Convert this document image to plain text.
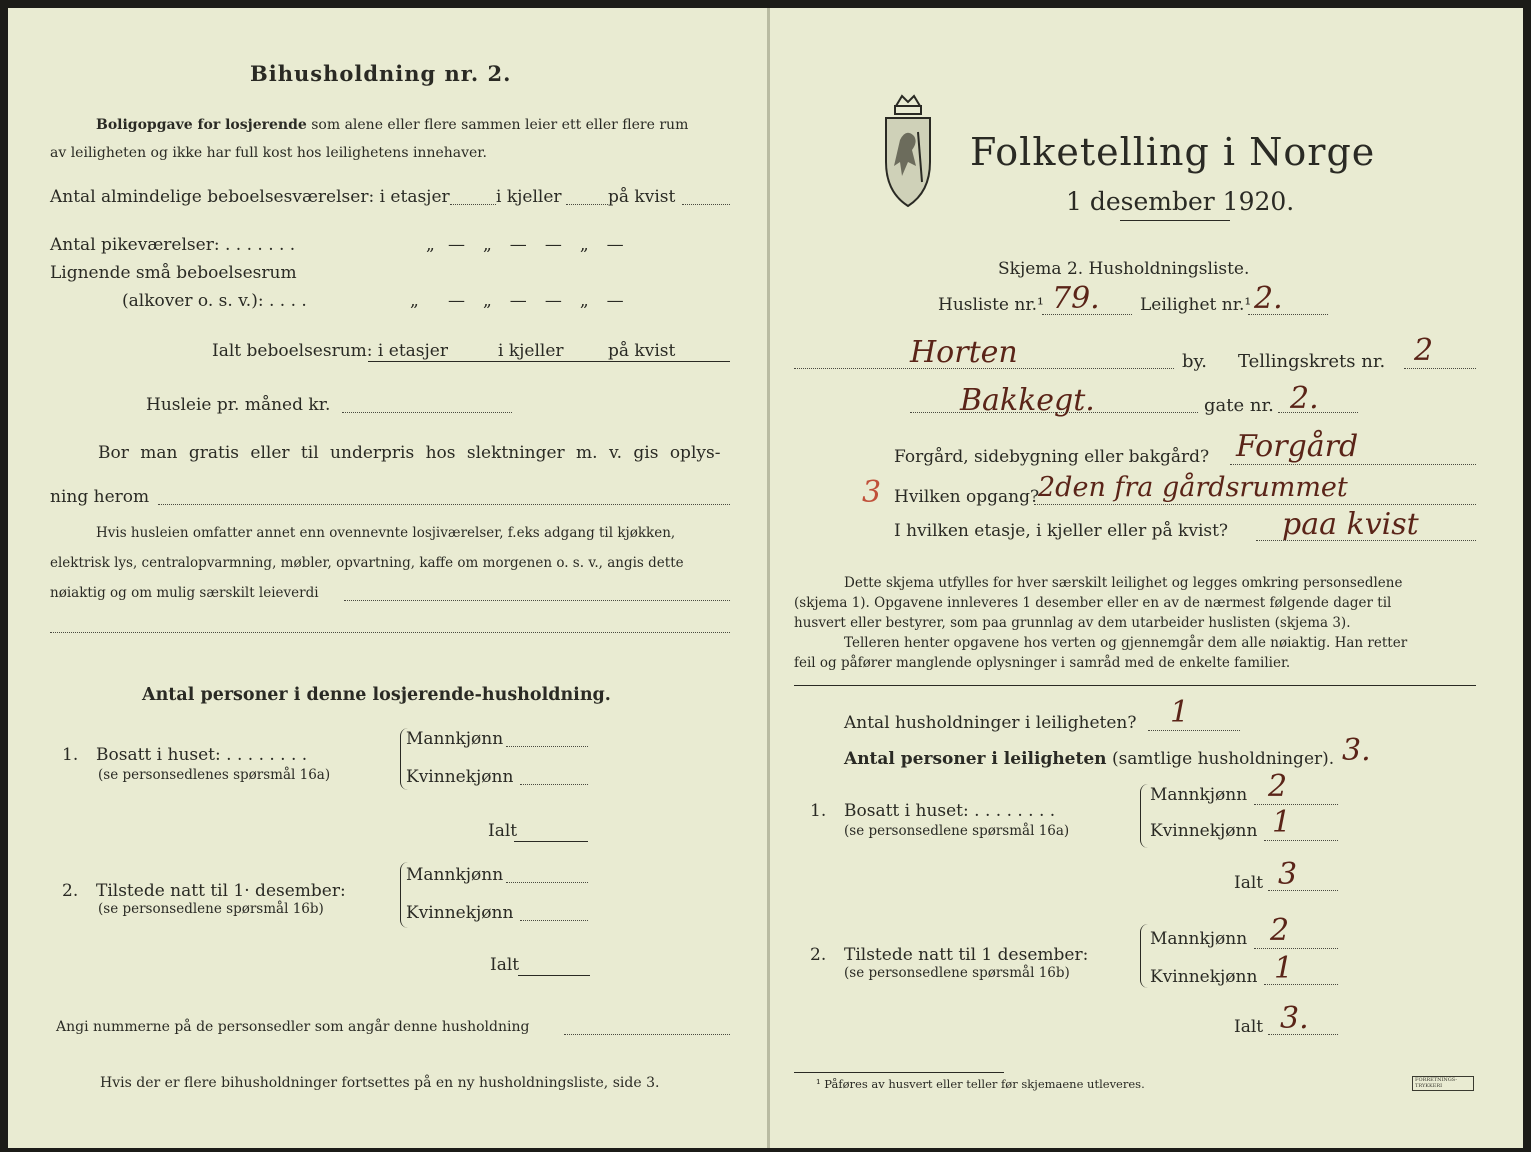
Bihusholdning nr. 2.
Boligopgave for losjerende som alene eller flere sammen leier ett eller flere rum
av leiligheten og ikke har full kost hos leilighetens innehaver.
Antal almindelige beboelsesværelser: i etasjer	i kjeller	på kvist
Antal pikeværelser: . . . . . . .	„ —„——„—
Lignende små beboelsesrum
(alkover o. s. v.): . . . .	„ —„——„—
Ialt beboelsesrum: i etasjer	i kjeller	på kvist
Husleie pr. måned kr.
Bor man gratis eller til underpris hos slektninger m. v. gis oplys-
ning herom
Hvis husleien omfatter annet enn ovennevnte losjiværelser, f.eks adgang til kjøkken,
elektrisk lys, centralopvarmning, møbler, opvartning, kaffe om morgenen o. s. v., angis dette
nøiaktig og om mulig særskilt leieverdi
Antal personer i denne losjerende-husholdning.
1. Bosatt i huset: . . . . . . . .
(se personsedlenes spørsmål 16a)
Mannkjønn
Kvinnekjønn
Ialt
2. Tilstede natt til 1· desember:
(se personsedlene spørsmål 16b)
Mannkjønn
Kvinnekjønn
Ialt
Angi nummerne på de personsedler som angår denne husholdning
Hvis der er flere bihusholdninger fortsettes på en ny husholdningsliste, side 3.
Folketelling i Norge
1 desember 1920.
Skjema 2. Husholdningsliste.
Husliste nr.¹ 79. Leilighet nr.¹ 2.
Horten	by. Tellingskrets nr. 2
Bakkegt.	gate nr. 2.
Forgård, sidebygning eller bakgård? Forgård
3 Hvilken opgang?
2den fra gårdsrummet
I hvilken etasje, i kjeller eller på kvist? paa kvist
Dette skjema utfylles for hver særskilt leilighet og legges omkring personsedlene
(skjema 1). Opgavene innleveres 1 desember eller en av de nærmest følgende dager til
husvert eller bestyrer, som paa grunnlag av dem utarbeider huslisten (skjema 3).
Telleren henter opgavene hos verten og gjennemgår dem alle nøiaktig. Han retter
feil og påfører manglende oplysninger i samråd med de enkelte familier.
Antal husholdninger i leiligheten? 1
Antal personer i leiligheten (samtlige husholdninger). 3.
1. Bosatt i huset: . . . . . . . .
(se personsedlene spørsmål 16a)
Mannkjønn 2
Kvinnekjønn 1
Ialt 3
2. Tilstede natt til 1 desember:
(se personsedlene spørsmål 16b)
Mannkjønn 2
Kvinnekjønn 1
Ialt 3.
¹ Påføres av husvert eller teller før skjemaene utleveres.	FORRETNINGS- TRYKKERI
